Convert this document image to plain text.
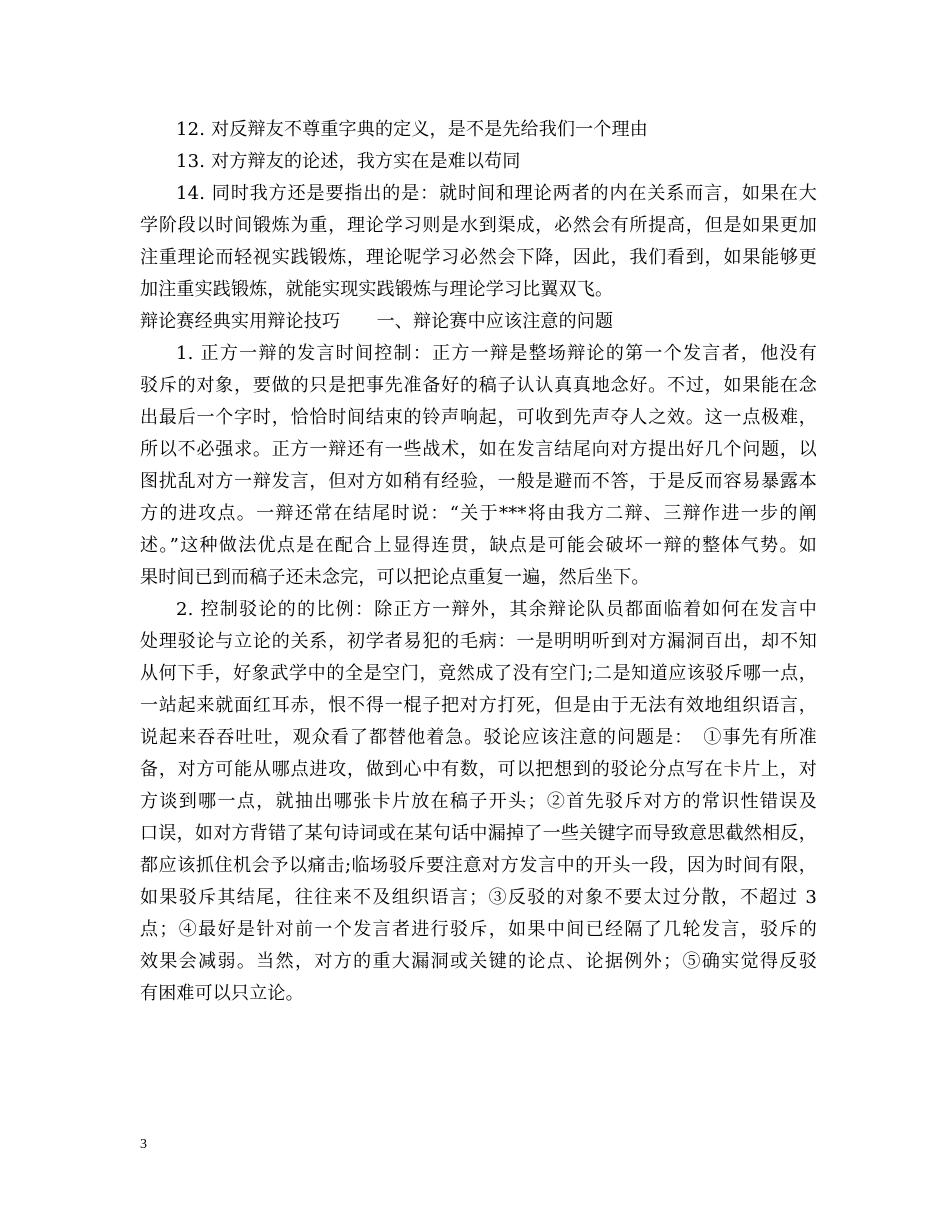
12. 对反辩友不尊重字典的定义，是不是先给我们一个理由
13. 对方辩友的论述，我方实在是难以苟同
14. 同时我方还是要指出的是：就时间和理论两者的内在关系而言，如果在大
学阶段以时间锻炼为重，理论学习则是水到渠成，必然会有所提高，但是如果更加
注重理论而轻视实践锻炼，理论呢学习必然会下降，因此，我们看到，如果能够更
加注重实践锻炼，就能实现实践锻炼与理论学习比翼双飞。
辩论赛经典实用辩论技巧　　一、辩论赛中应该注意的问题
1. 正方一辩的发言时间控制：正方一辩是整场辩论的第一个发言者，他没有
驳斥的对象，要做的只是把事先准备好的稿子认认真真地念好。不过，如果能在念
出最后一个字时，恰恰时间结束的铃声响起，可收到先声夺人之效。这一点极难，
所以不必强求。正方一辩还有一些战术，如在发言结尾向对方提出好几个问题，以
图扰乱对方一辩发言，但对方如稍有经验，一般是避而不答，于是反而容易暴露本
方的进攻点。一辩还常在结尾时说：“关于***将由我方二辩、三辩作进一步的阐
述。”这种做法优点是在配合上显得连贯，缺点是可能会破坏一辩的整体气势。如
果时间已到而稿子还未念完，可以把论点重复一遍，然后坐下。
2. 控制驳论的的比例：除正方一辩外，其余辩论队员都面临着如何在发言中
处理驳论与立论的关系，初学者易犯的毛病：一是明明听到对方漏洞百出，却不知
从何下手，好象武学中的全是空门，竟然成了没有空门;二是知道应该驳斥哪一点，
一站起来就面红耳赤，恨不得一棍子把对方打死，但是由于无法有效地组织语言，
说起来吞吞吐吐，观众看了都替他着急。驳论应该注意的问题是：　①事先有所准
备，对方可能从哪点进攻，做到心中有数，可以把想到的驳论分点写在卡片上，对
方谈到哪一点，就抽出哪张卡片放在稿子开头；②首先驳斥对方的常识性错误及
口误，如对方背错了某句诗词或在某句话中漏掉了一些关键字而导致意思截然相反，
都应该抓住机会予以痛击;临场驳斥要注意对方发言中的开头一段，因为时间有限，
如果驳斥其结尾，往往来不及组织语言；③反驳的对象不要太过分散，不超过 3
点；④最好是针对前一个发言者进行驳斥，如果中间已经隔了几轮发言，驳斥的
效果会减弱。当然，对方的重大漏洞或关键的论点、论据例外；⑤确实觉得反驳
有困难可以只立论。
3
